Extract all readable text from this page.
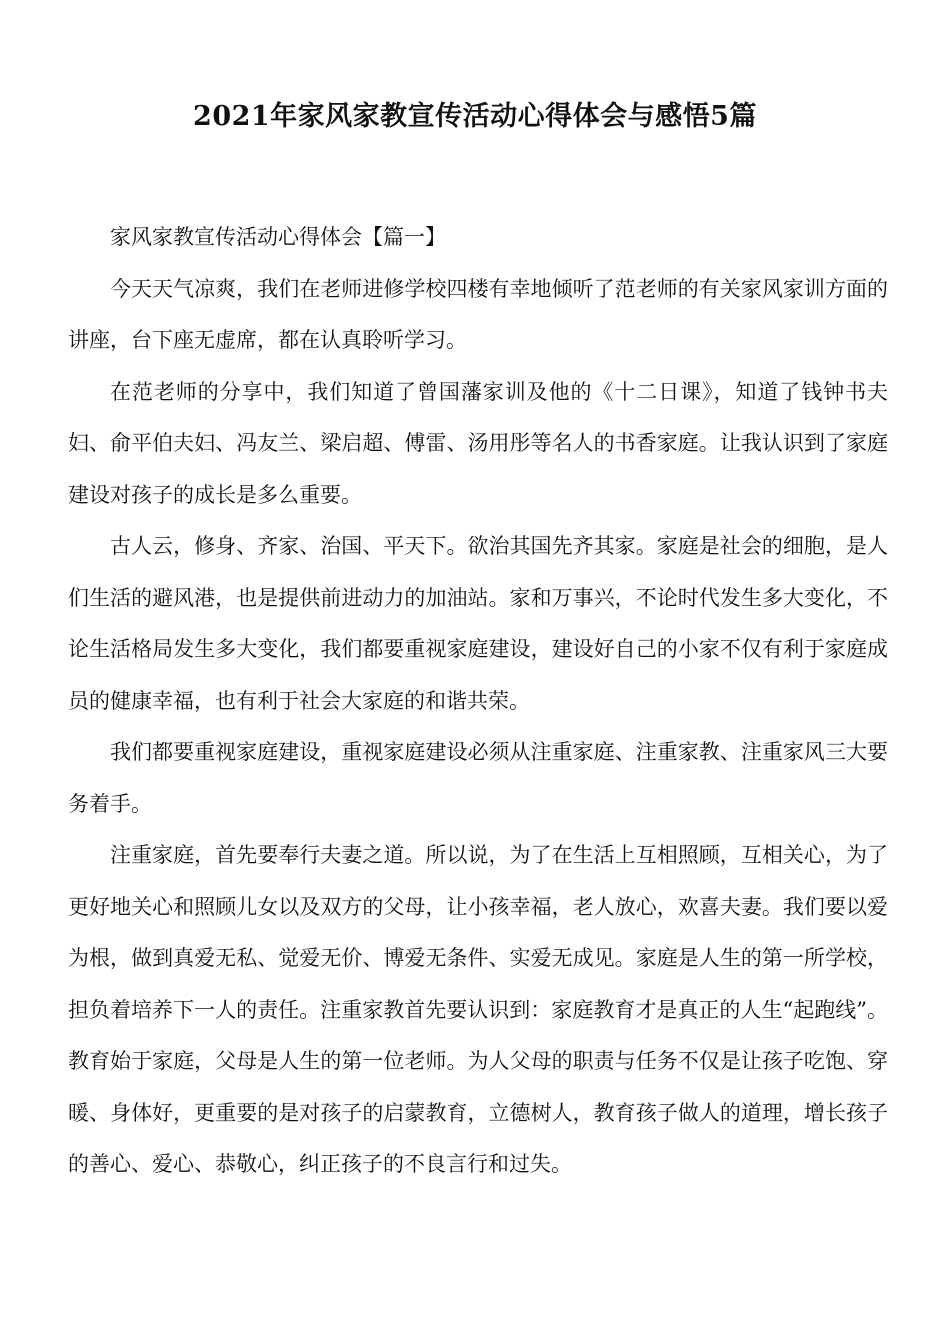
2021年家风家教宣传活动心得体会与感悟5篇

家风家教宣传活动心得体会【篇一】

今天天气凉爽，我们在老师进修学校四楼有幸地倾听了范老师的有关家风家训方面的讲座，台下座无虚席，都在认真聆听学习。

在范老师的分享中，我们知道了曾国藩家训及他的《十二日课》，知道了钱钟书夫妇、俞平伯夫妇、冯友兰、梁启超、傅雷、汤用彤等名人的书香家庭。让我认识到了家庭建设对孩子的成长是多么重要。

古人云，修身、齐家、治国、平天下。欲治其国先齐其家。家庭是社会的细胞，是人们生活的避风港，也是提供前进动力的加油站。家和万事兴，不论时代发生多大变化，不论生活格局发生多大变化，我们都要重视家庭建设，建设好自己的小家不仅有利于家庭成员的健康幸福，也有利于社会大家庭的和谐共荣。

我们都要重视家庭建设，重视家庭建设必须从注重家庭、注重家教、注重家风三大要务着手。

注重家庭，首先要奉行夫妻之道。所以说，为了在生活上互相照顾，互相关心，为了更好地关心和照顾儿女以及双方的父母，让小孩幸福，老人放心，欢喜夫妻。我们要以爱为根，做到真爱无私、觉爱无价、博爱无条件、实爱无成见。家庭是人生的第一所学校，担负着培养下一人的责任。注重家教首先要认识到：家庭教育才是真正的人生“起跑线”。教育始于家庭，父母是人生的第一位老师。为人父母的职责与任务不仅是让孩子吃饱、穿暖、身体好，更重要的是对孩子的启蒙教育，立德树人，教育孩子做人的道理，增长孩子的善心、爱心、恭敬心，纠正孩子的不良言行和过失。
